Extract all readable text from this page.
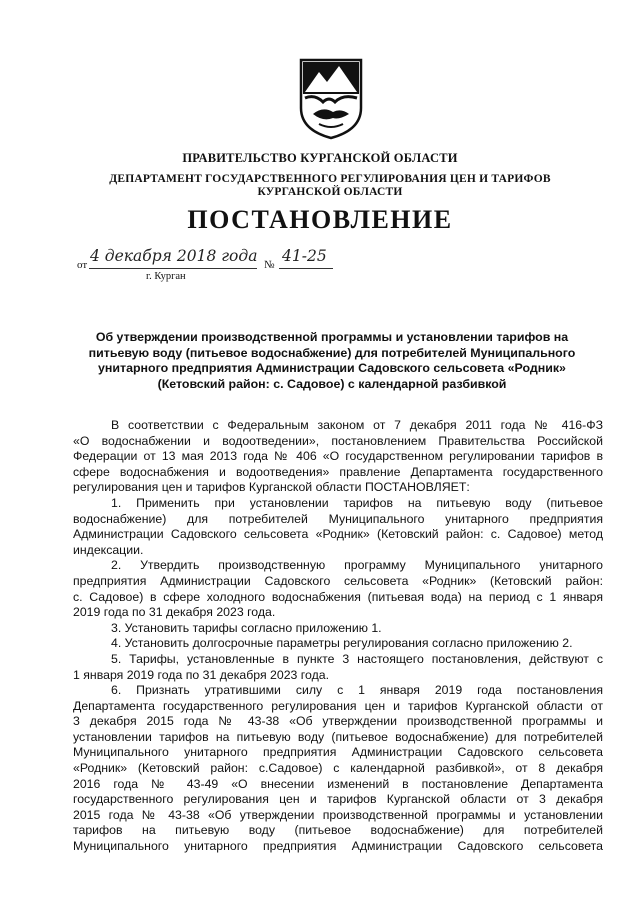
ПРАВИТЕЛЬСТВО КУРГАНСКОЙ ОБЛАСТИ
ДЕПАРТАМЕНТ ГОСУДАРСТВЕННОГО РЕГУЛИРОВАНИЯ ЦЕН И ТАРИФОВ КУРГАНСКОЙ ОБЛАСТИ
ПОСТАНОВЛЕНИЕ
от 4 декабря 2018 года № 41-25
г. Курган
Об утверждении производственной программы и установлении тарифов на питьевую воду (питьевое водоснабжение) для потребителей Муниципального унитарного предприятия Администрации Садовского сельсовета «Родник» (Кетовский район: с. Садовое) с календарной разбивкой
В соответствии с Федеральным законом от 7 декабря 2011 года № 416-ФЗ
«О водоснабжении и водоотведении», постановлением Правительства Российской
Федерации от 13 мая 2013 года № 406 «О государственном регулировании тарифов в
сфере водоснабжения и водоотведения» правление Департамента государственного
регулирования цен и тарифов Курганской области ПОСТАНОВЛЯЕТ:
1. Применить при установлении тарифов на питьевую воду (питьевое
водоснабжение) для потребителей Муниципального унитарного предприятия
Администрации Садовского сельсовета «Родник» (Кетовский район: с. Садовое) метод
индексации.
2. Утвердить производственную программу Муниципального унитарного
предприятия Администрации Садовского сельсовета «Родник» (Кетовский район:
с. Садовое) в сфере холодного водоснабжения (питьевая вода) на период с 1 января
2019 года по 31 декабря 2023 года.
3. Установить тарифы согласно приложению 1.
4. Установить долгосрочные параметры регулирования согласно приложению 2.
5. Тарифы, установленные в пункте 3 настоящего постановления, действуют с
1 января 2019 года по 31 декабря 2023 года.
6. Признать утратившими силу с 1 января 2019 года постановления
Департамента государственного регулирования цен и тарифов Курганской области от
3 декабря 2015 года № 43-38 «Об утверждении производственной программы и
установлении тарифов на питьевую воду (питьевое водоснабжение) для потребителей
Муниципального унитарного предприятия Администрации Садовского сельсовета
«Родник» (Кетовский район: с.Садовое) с календарной разбивкой», от 8 декабря
2016 года № 43-49 «О внесении изменений в постановление Департамента
государственного регулирования цен и тарифов Курганской области от 3 декабря
2015 года № 43-38 «Об утверждении производственной программы и установлении
тарифов на питьевую воду (питьевое водоснабжение) для потребителей
Муниципального унитарного предприятия Администрации Садовского сельсовета
